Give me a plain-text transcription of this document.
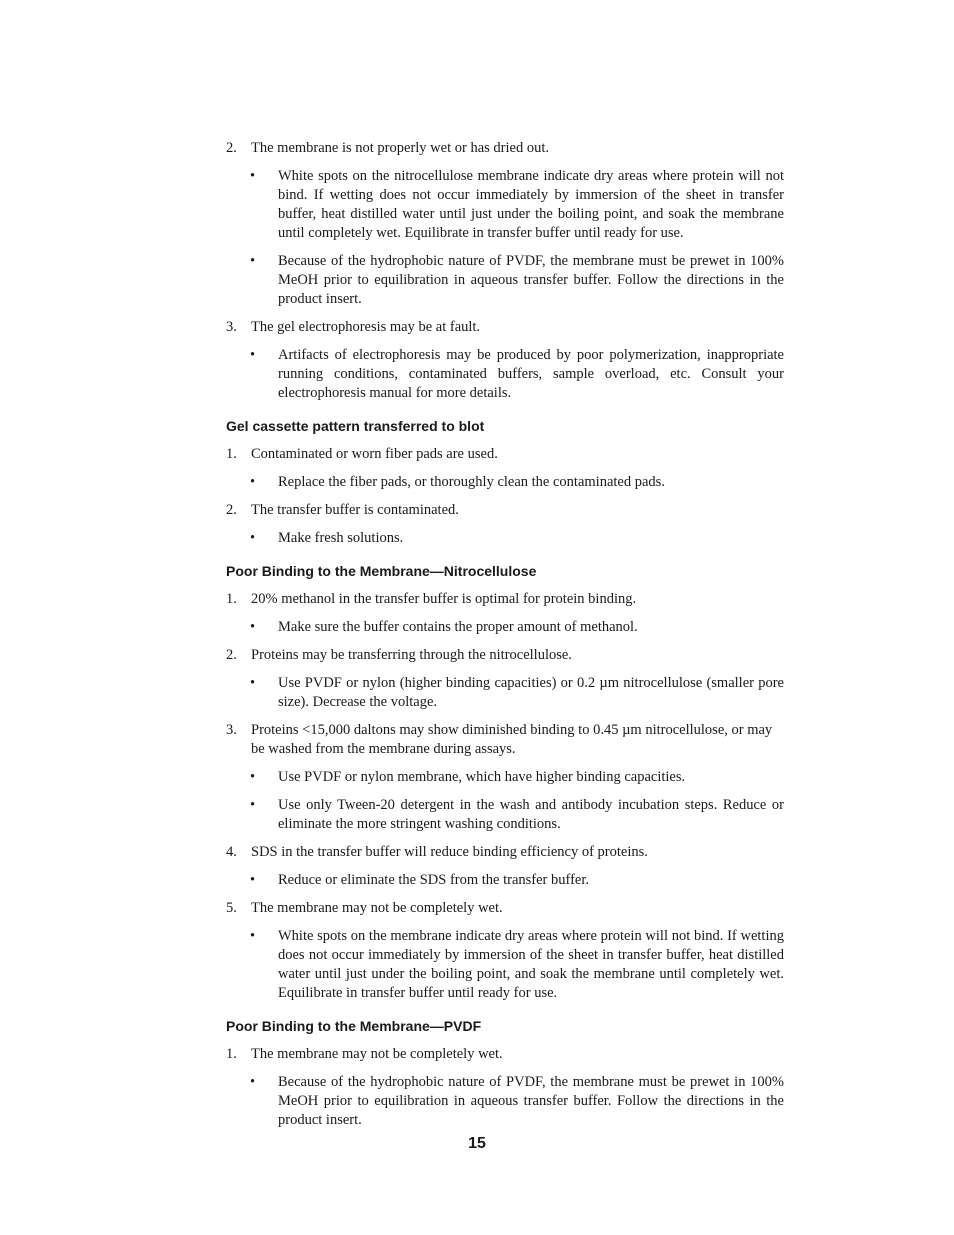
2. The membrane is not properly wet or has dried out.
• White spots on the nitrocellulose membrane indicate dry areas where protein will not bind. If wetting does not occur immediately by immersion of the sheet in transfer buffer, heat distilled water until just under the boiling point, and soak the membrane until completely wet. Equilibrate in transfer buffer until ready for use.
• Because of the hydrophobic nature of PVDF, the membrane must be prewet in 100% MeOH prior to equilibration in aqueous transfer buffer. Follow the directions in the product insert.
3. The gel electrophoresis may be at fault.
• Artifacts of electrophoresis may be produced by poor polymerization, inappropriate running conditions, contaminated buffers, sample overload, etc. Consult your electrophoresis manual for more details.
Gel cassette pattern transferred to blot
1. Contaminated or worn fiber pads are used.
• Replace the fiber pads, or thoroughly clean the contaminated pads.
2. The transfer buffer is contaminated.
• Make fresh solutions.
Poor Binding to the Membrane—Nitrocellulose
1. 20% methanol in the transfer buffer is optimal for protein binding.
• Make sure the buffer contains the proper amount of methanol.
2. Proteins may be transferring through the nitrocellulose.
• Use PVDF or nylon (higher binding capacities) or 0.2 µm nitrocellulose (smaller pore size). Decrease the voltage.
3. Proteins <15,000 daltons may show diminished binding to 0.45 µm nitrocellulose, or may be washed from the membrane during assays.
• Use PVDF or nylon membrane, which have higher binding capacities.
• Use only Tween-20 detergent in the wash and antibody incubation steps. Reduce or eliminate the more stringent washing conditions.
4. SDS in the transfer buffer will reduce binding efficiency of proteins.
• Reduce or eliminate the SDS from the transfer buffer.
5. The membrane may not be completely wet.
• White spots on the membrane indicate dry areas where protein will not bind. If wetting does not occur immediately by immersion of the sheet in transfer buffer, heat distilled water until just under the boiling point, and soak the membrane until completely wet. Equilibrate in transfer buffer until ready for use.
Poor Binding to the Membrane—PVDF
1. The membrane may not be completely wet.
• Because of the hydrophobic nature of PVDF, the membrane must be prewet in 100% MeOH prior to equilibration in aqueous transfer buffer. Follow the directions in the product insert.
15
